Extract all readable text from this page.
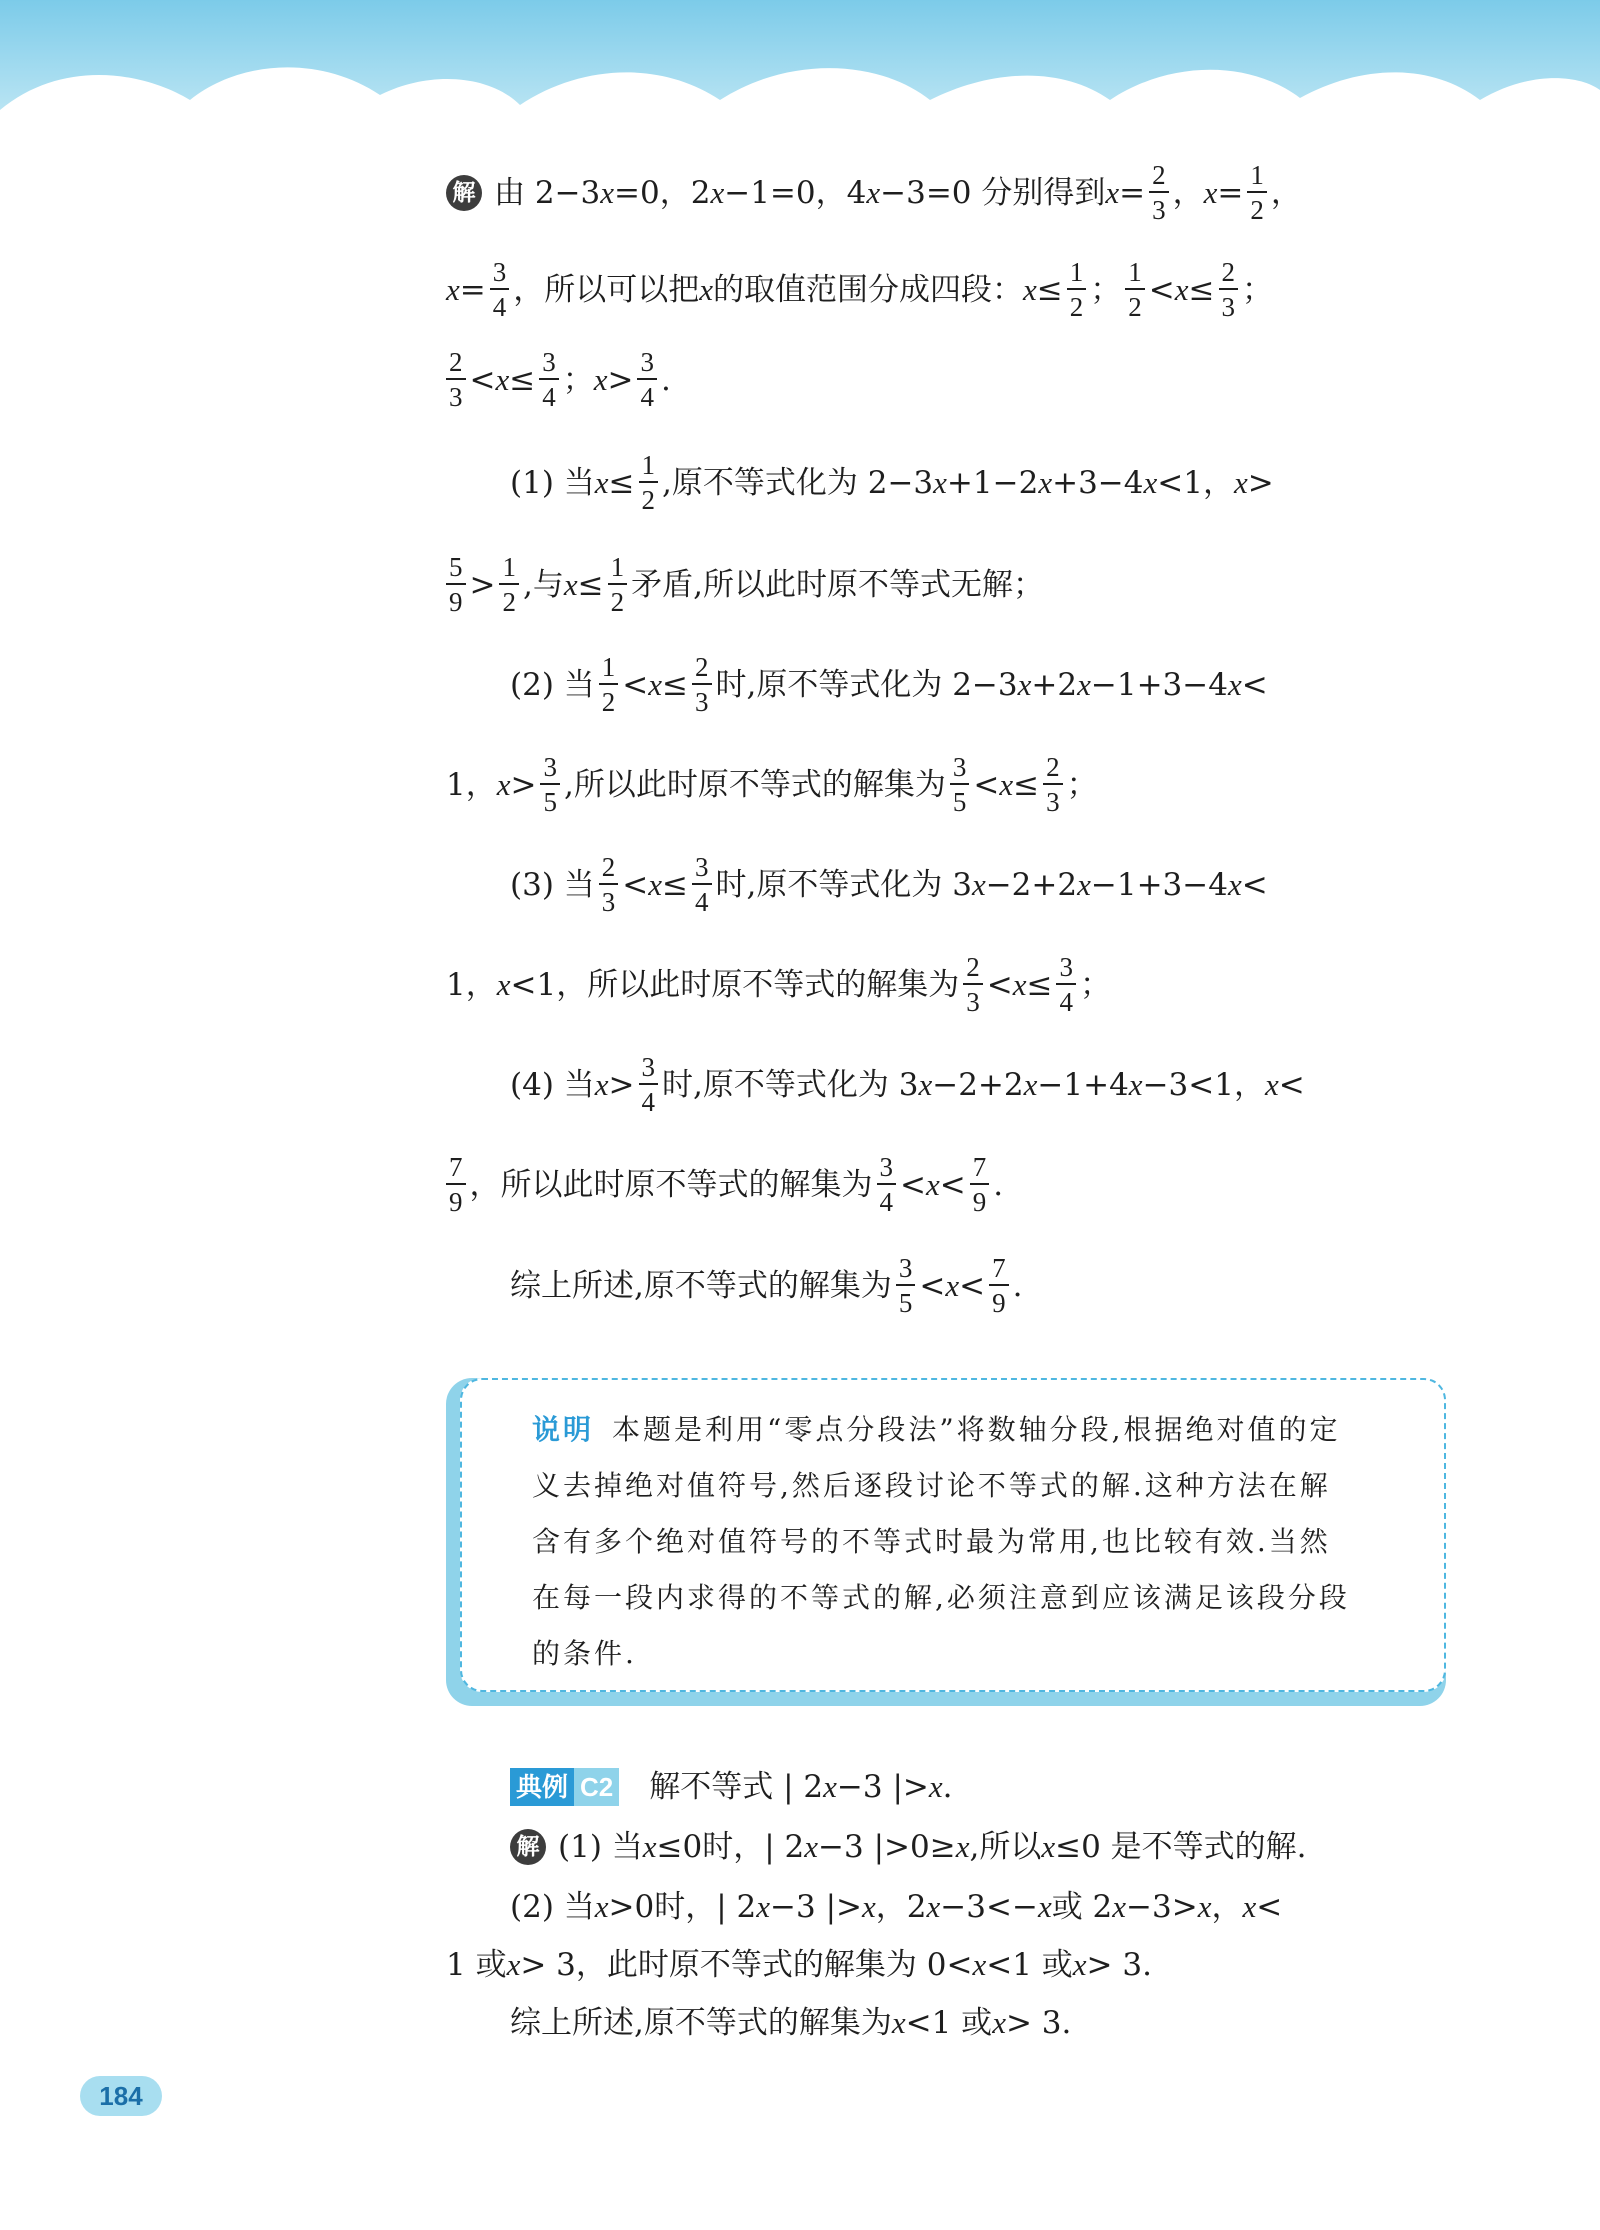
解 由 2−3 x =0，2 x −1=0，4 x −3=0 分别得到 $x = \frac{2}{3}$ ， $x = \frac{1}{2}$ ，
$x = \frac{3}{4}$ ，所以可以把 x 的取值范围分成四段： $x \le \frac{1}{2}$ ； $\frac{1}{2} < x \le \frac{2}{3}$ ；
$\frac{2}{3} < x \le \frac{3}{4}$ ； $x > \frac{3}{4}$ .
(1) 当 $x \le \frac{1}{2}$ ,原不等式化为 2−3 x +1−2 x +3−4 x <1， x >
$\frac{5}{9} > \frac{1}{2}$ ,与 $x \le \frac{1}{2}$ 矛盾,所以此时原不等式无解；
(2) 当 $\frac{1}{2} < x \le \frac{2}{3}$ 时,原不等式化为 2−3 x +2 x −1+3−4 x <
1， $x > \frac{3}{5}$ ,所以此时原不等式的解集为 $\frac{3}{5} < x \le \frac{2}{3}$ ；
(3) 当 $\frac{2}{3} < x \le \frac{3}{4}$ 时,原不等式化为 3 x −2+2 x −1+3−4 x <
1， x <1，所以此时原不等式的解集为 $\frac{2}{3} < x \le \frac{3}{4}$ ；
(4) 当 $x > \frac{3}{4}$ 时,原不等式化为 3 x −2+2 x −1+4 x −3<1， x <
$\frac{7}{9}$ ，所以此时原不等式的解集为 $\frac{3}{4} < x < \frac{7}{9}$ .
综上所述,原不等式的解集为 $\frac{3}{5} < x < \frac{7}{9}$ .
说明 本题是利用“零点分段法”将数轴分段,根据绝对值的定
义去掉绝对值符号,然后逐段讨论不等式的解.这种方法在解
含有多个绝对值符号的不等式时最为常用,也比较有效.当然
在每一段内求得的不等式的解,必须注意到应该满足该段分段
的条件.
典例 C2 解不等式 | 2 x −3 |> x .
解 (1) 当 x ≤0时，| 2 x −3 |>0≥ x ,所以 x ≤0 是不等式的解.
(2) 当 x >0时，| 2 x −3 |> x ，2 x −3<− x 或 2 x −3> x ， x <
1 或 x > 3，此时原不等式的解集为 0< x <1 或 x > 3.
综上所述,原不等式的解集为 x <1 或 x > 3.
184
